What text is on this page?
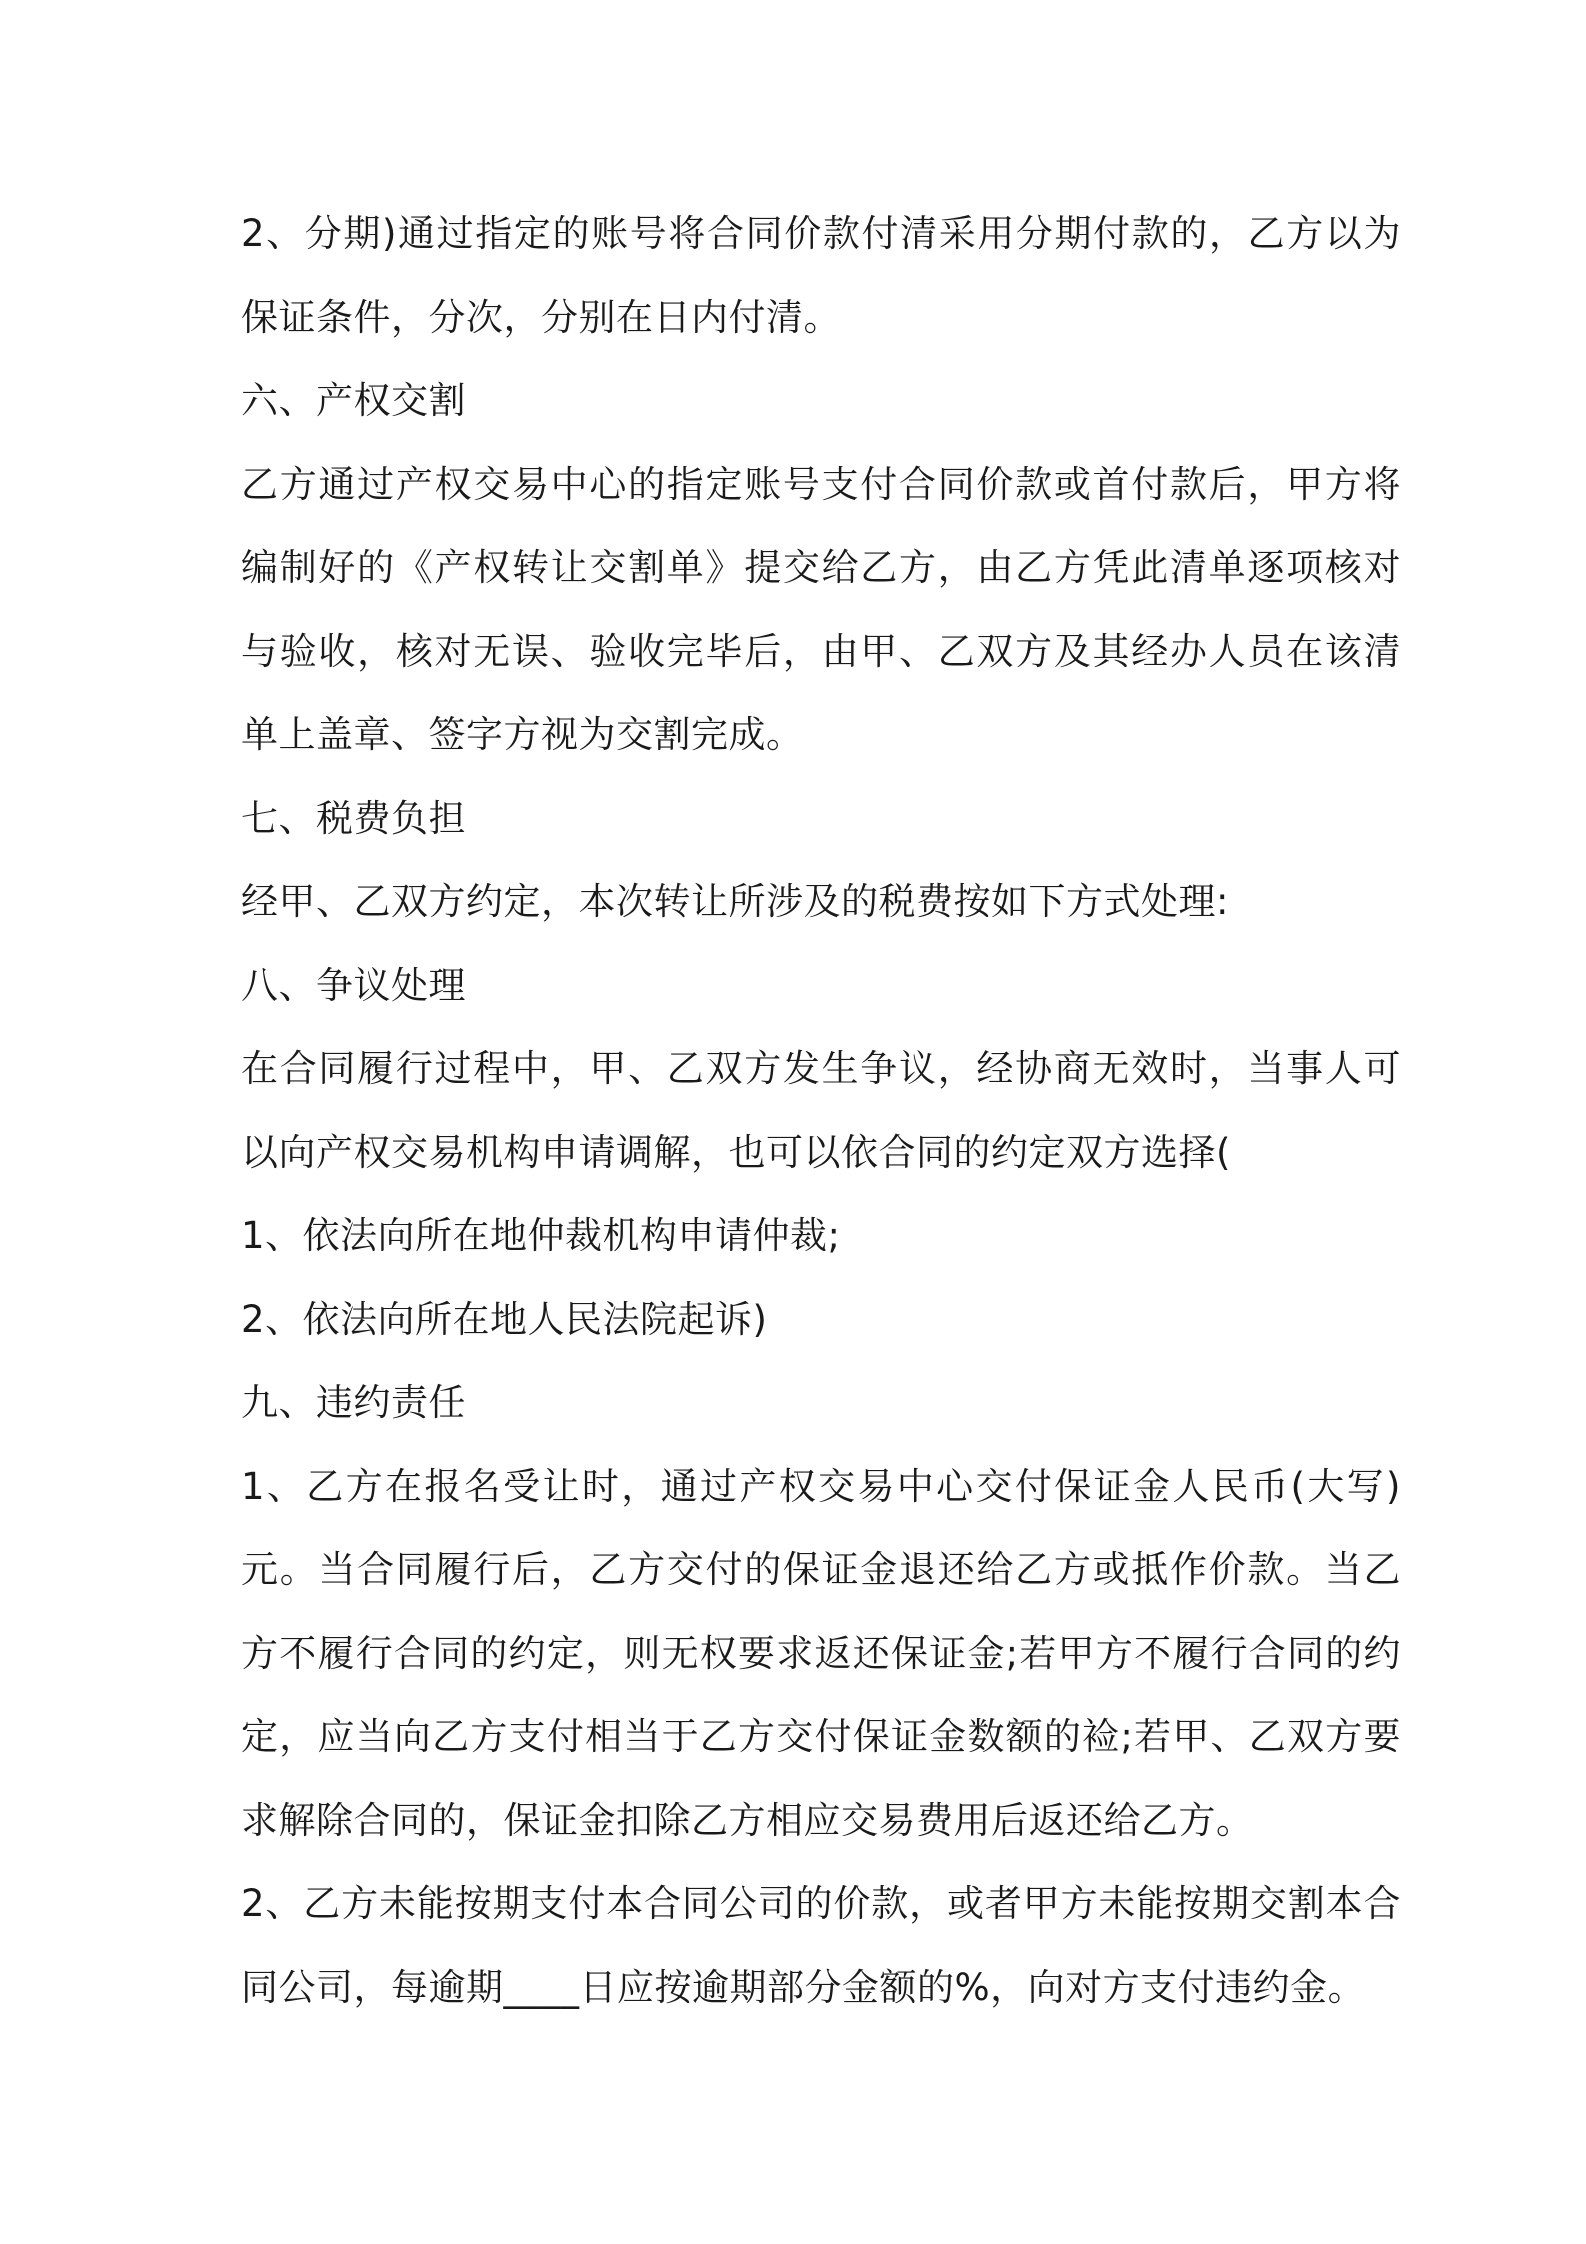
2、分期)通过指定的账号将合同价款付清采用分期付款的，乙方以为保证条件，分次，分别在日内付清。

六、产权交割

乙方通过产权交易中心的指定账号支付合同价款或首付款后，甲方将编制好的《产权转让交割单》提交给乙方，由乙方凭此清单逐项核对与验收，核对无误、验收完毕后，由甲、乙双方及其经办人员在该清单上盖章、签字方视为交割完成。

七、税费负担

经甲、乙双方约定，本次转让所涉及的税费按如下方式处理:

八、争议处理

在合同履行过程中，甲、乙双方发生争议，经协商无效时，当事人可以向产权交易机构申请调解，也可以依合同的约定双方选择(

1、依法向所在地仲裁机构申请仲裁;

2、依法向所在地人民法院起诉)

九、违约责任

1、乙方在报名受让时，通过产权交易中心交付保证金人民币(大写)元。当合同履行后，乙方交付的保证金退还给乙方或抵作价款。当乙方不履行合同的约定，则无权要求返还保证金;若甲方不履行合同的约定，应当向乙方支付相当于乙方交付保证金数额的裣;若甲、乙双方要求解除合同的，保证金扣除乙方相应交易费用后返还给乙方。

2、乙方未能按期支付本合同公司的价款，或者甲方未能按期交割本合同公司，每逾期____日应按逾期部分金额的%，向对方支付违约金。
